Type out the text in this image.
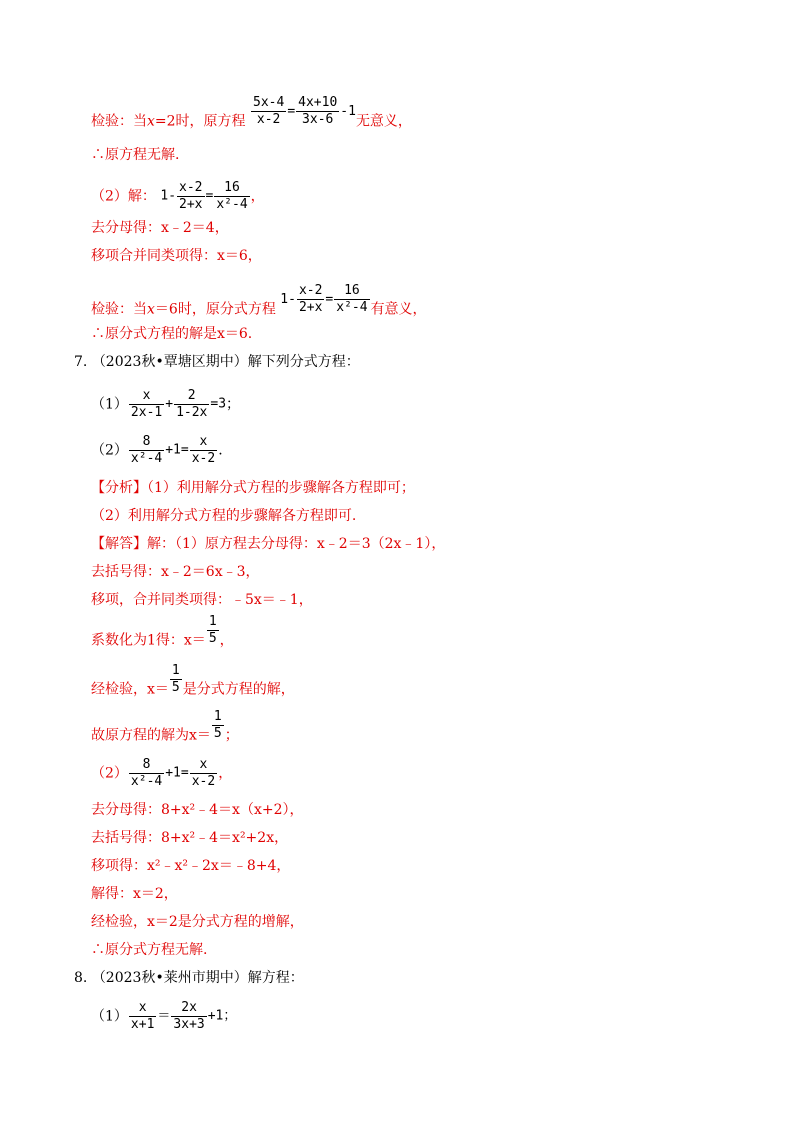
检验：当x=2时，原方程 $\frac{5x-4}{x-2} = \frac{4x+10}{3x-6} -1$无意义，
∴原方程无解.
（2）解： $1- \frac{x-2}{2+x} = \frac{16}{\text{x²-4}}$ ，
去分母得：x﹣2＝4，
移项合并同类项得：x＝6，
检验：当x＝6时，原分式方程 $1- \frac{x-2}{2+x} = \frac{16}{\text{x²-4}}$ 有意义，
∴原分式方程的解是x＝6.
7. （2023秋•覃塘区期中）解下列分式方程：
$(1) \frac{x}{2x-1} + \frac{2}{1-2x} =3$；
$(2) \frac{8}{\text{x²-4}} +1= \frac{x}{x-2}$ .
【分析】（1）利用解分式方程的步骤解各方程即可；
（2）利用解分式方程的步骤解各方程即可.
【解答】解：（1）原方程去分母得：x﹣2＝3（2x﹣1），
去括号得：x﹣2＝6x﹣3，
移项，合并同类项得：﹣5x＝﹣1，
系数化为1得：$x= \frac{1}{5}$ ，
经检验，$x= \frac{1}{5}$ 是分式方程的解，
故原方程的解为$x= \frac{1}{5}$ ；
$(2) \frac{8}{\text{x²-4}} +1= \frac{x}{x-2}$ ，
去分母得：8+x²﹣4＝x（x+2），
去括号得：8+x²﹣4＝x²+2x，
移项得：x²﹣x²﹣2x＝﹣8+4，
解得：x＝2，
经检验，x＝2是分式方程的增解，
∴原分式方程无解.
8. （2023秋•莱州市期中）解方程：
$(1) \frac{x}{x+1} = \frac{2x}{3x+3} +1$；
